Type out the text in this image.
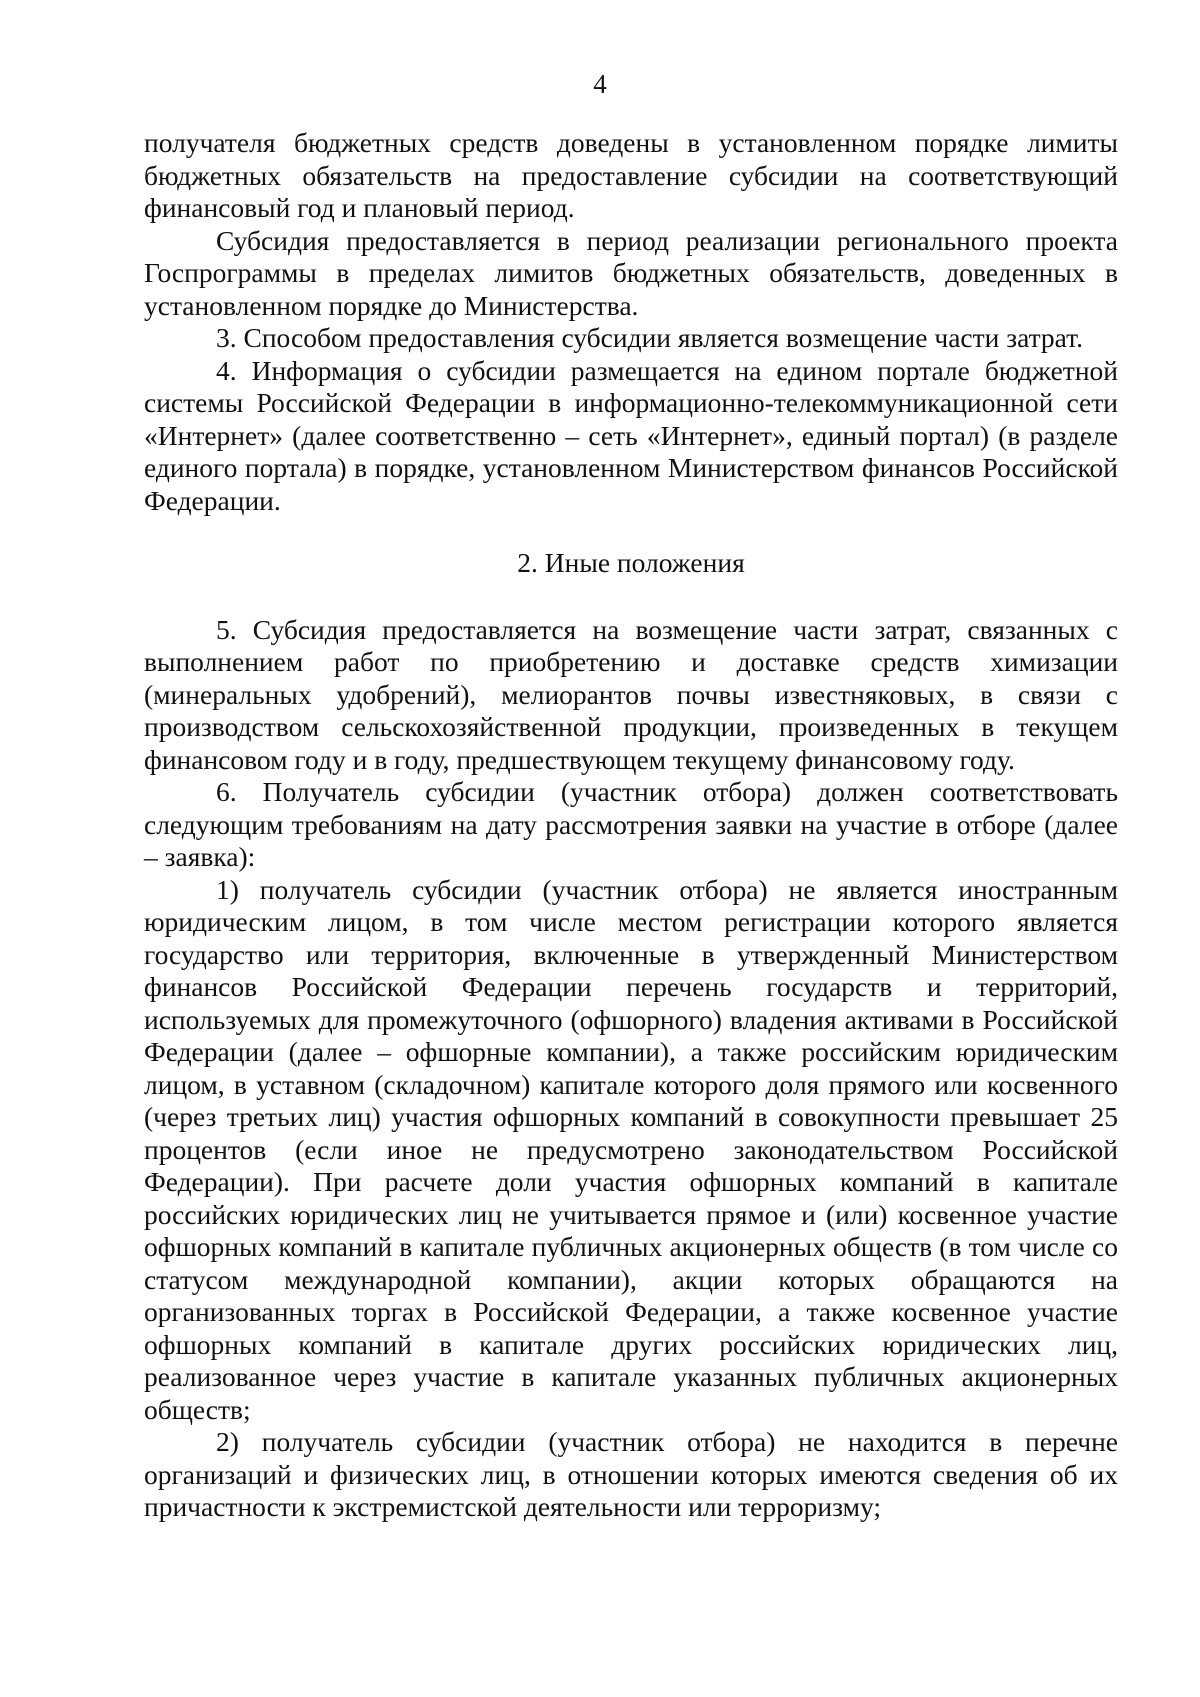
4

получателя бюджетных средств доведены в установленном порядке лимиты бюджетных обязательств на предоставление субсидии на соответствующий финансовый год и плановый период.

Субсидия предоставляется в период реализации регионального проекта Госпрограммы в пределах лимитов бюджетных обязательств, доведенных в установленном порядке до Министерства.

3. Способом предоставления субсидии является возмещение части затрат.

4. Информация о субсидии размещается на едином портале бюджетной системы Российской Федерации в информационно-телекоммуникационной сети «Интернет» (далее соответственно – сеть «Интернет», единый портал) (в разделе единого портала) в порядке, установленном Министерством финансов Российской Федерации.

2. Иные положения

5. Субсидия предоставляется на возмещение части затрат, связанных с выполнением работ по приобретению и доставке средств химизации (минеральных удобрений), мелиорантов почвы известняковых, в связи с производством сельскохозяйственной продукции, произведенных в текущем финансовом году и в году, предшествующем текущему финансовому году.

6. Получатель субсидии (участник отбора) должен соответствовать следующим требованиям на дату рассмотрения заявки на участие в отборе (далее – заявка):

1) получатель субсидии (участник отбора) не является иностранным юридическим лицом, в том числе местом регистрации которого является государство или территория, включенные в утвержденный Министерством финансов Российской Федерации перечень государств и территорий, используемых для промежуточного (офшорного) владения активами в Российской Федерации (далее – офшорные компании), а также российским юридическим лицом, в уставном (складочном) капитале которого доля прямого или косвенного (через третьих лиц) участия офшорных компаний в совокупности превышает 25 процентов (если иное не предусмотрено законодательством Российской Федерации). При расчете доли участия офшорных компаний в капитале российских юридических лиц не учитывается прямое и (или) косвенное участие офшорных компаний в капитале публичных акционерных обществ (в том числе со статусом международной компании), акции которых обращаются на организованных торгах в Российской Федерации, а также косвенное участие офшорных компаний в капитале других российских юридических лиц, реализованное через участие в капитале указанных публичных акционерных обществ;

2) получатель субсидии (участник отбора) не находится в перечне организаций и физических лиц, в отношении которых имеются сведения об их причастности к экстремистской деятельности или терроризму;
